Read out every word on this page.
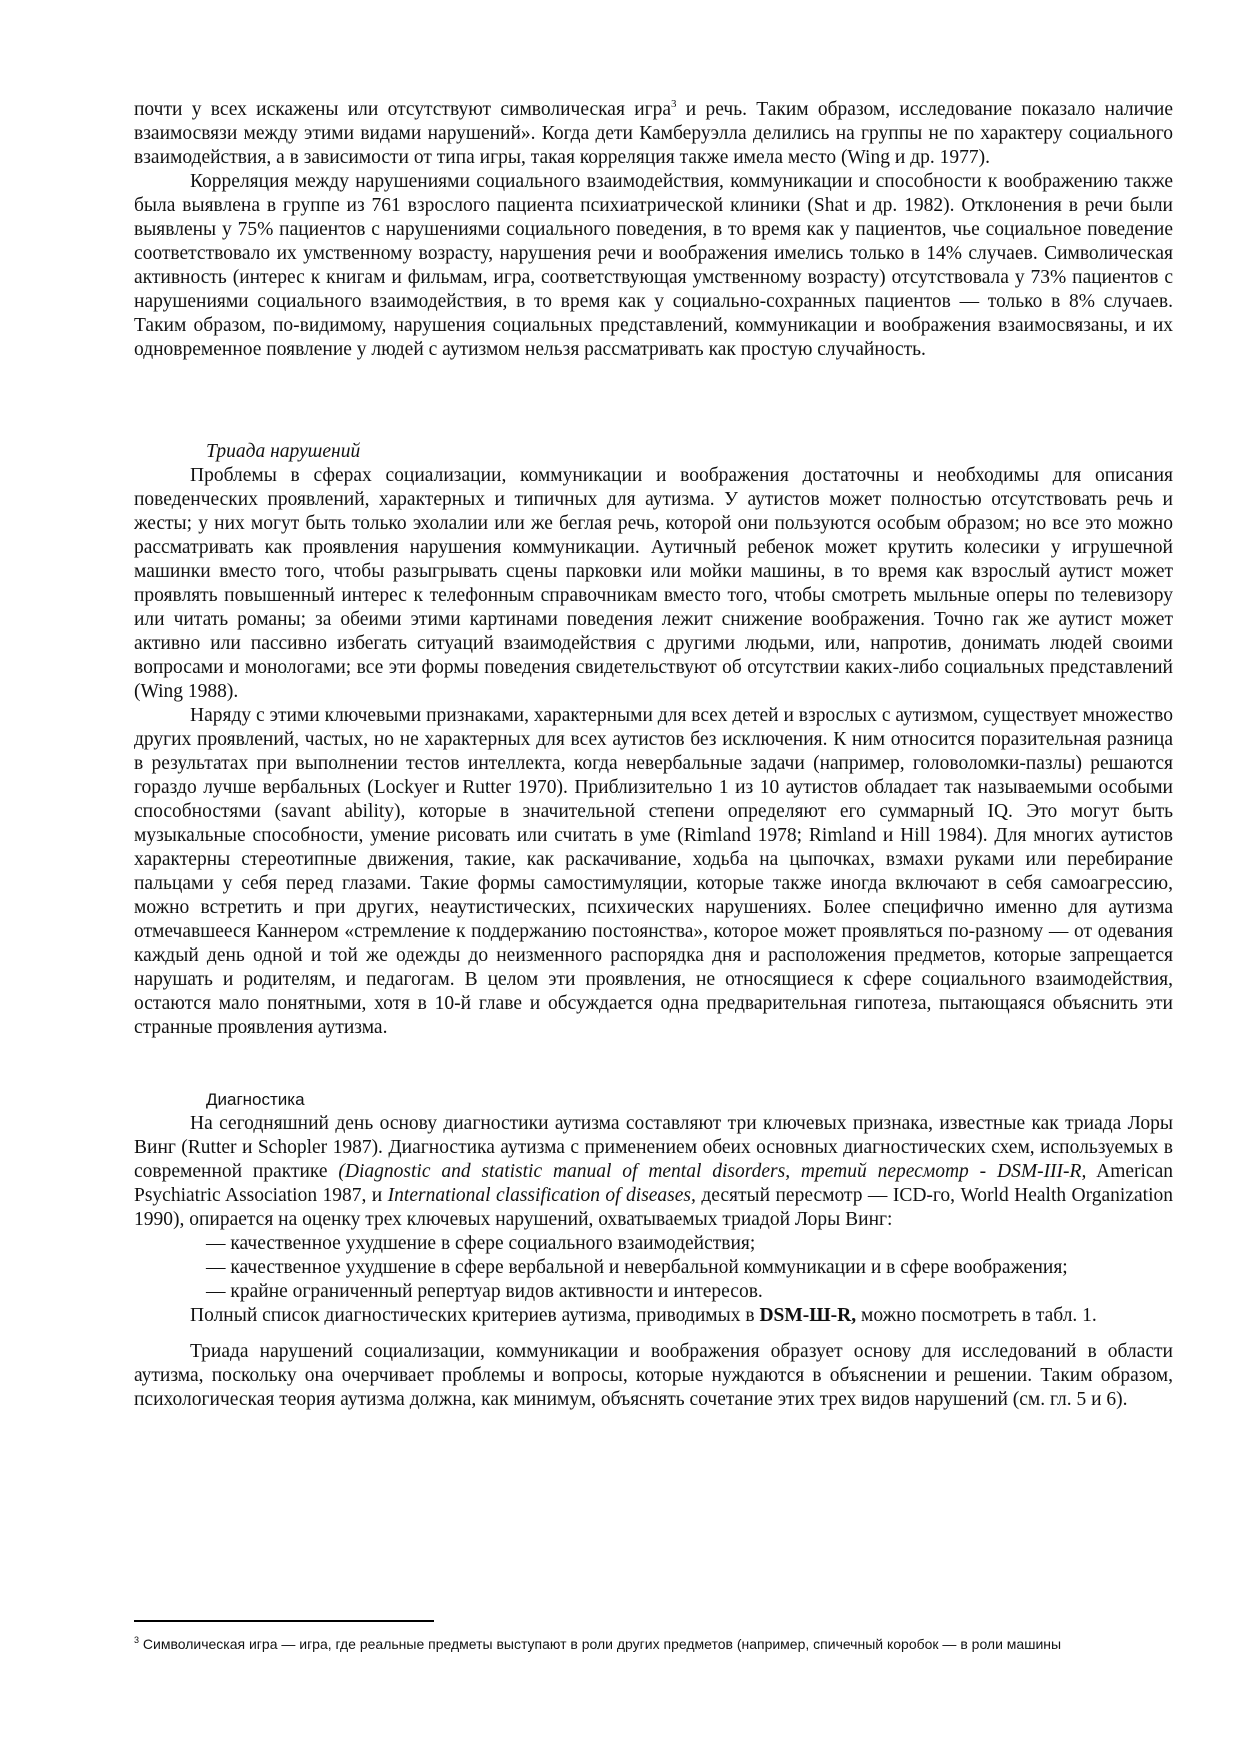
почти у всех искажены или отсутствуют символическая игра$^3$ и речь. Таким образом, исследование показало наличие взаимосвязи между этими видами нарушений». Когда дети Камберуэлла делились на группы не по характеру социального взаимодействия, а в зависимости от типа игры, такая корреляция также имела место (Wing и др. 1977).

Корреляция между нарушениями социального взаимодействия, коммуникации и способности к воображению также была выявлена в группе из 761 взрослого пациента психиатрической клиники (Shat и др. 1982). Отклонения в речи были выявлены у 75% пациентов с нарушениями социального поведения, в то время как у пациентов, чье социальное поведение соответствовало их умственному возрасту, нарушения речи и воображения имелись только в 14% случаев. Символическая активность (интерес к книгам и фильмам, игра, соответствующая умственному возрасту) отсутствовала у 73% пациентов с нарушениями социального взаимодействия, в то время как у социально-сохранных пациентов — только в 8% случаев. Таким образом, по-видимому, нарушения социальных представлений, коммуникации и воображения взаимосвязаны, и их одновременное появление у людей с аутизмом нельзя рассматривать как простую случайность.

Триада нарушений

Проблемы в сферах социализации, коммуникации и воображения достаточны и необходимы для описания поведенческих проявлений, характерных и типичных для аутизма. У аутистов может полностью отсутствовать речь и жесты; у них могут быть только эхолалии или же беглая речь, которой они пользуются особым образом; но все это можно рассматривать как проявления нарушения коммуникации. Аутичный ребенок может крутить колесики у игрушечной машинки вместо того, чтобы разыгрывать сцены парковки или мойки машины, в то время как взрослый аутист может проявлять повышенный интерес к телефонным справочникам вместо того, чтобы смотреть мыльные оперы по телевизору или читать романы; за обеими этими картинами поведения лежит снижение воображения. Точно гак же аутист может активно или пассивно избегать ситуаций взаимодействия с другими людьми, или, напротив, донимать людей своими вопросами и монологами; все эти формы поведения свидетельствуют об отсутствии каких-либо социальных представлений (Wing 1988).

Наряду с этими ключевыми признаками, характерными для всех детей и взрослых с аутизмом, существует множество других проявлений, частых, но не характерных для всех аутистов без исключения. К ним относится поразительная разница в результатах при выполнении тестов интеллекта, когда невербальные задачи (например, головоломки-пазлы) решаются гораздо лучше вербальных (Lockyer и Rutter 1970). Приблизительно 1 из 10 аутистов обладает так называемыми особыми способностями (savant ability), которые в значительной степени определяют его суммарный IQ. Это могут быть музыкальные способности, умение рисовать или считать в уме (Rimland 1978; Rimland и Hill 1984). Для многих аутистов характерны стереотипные движения, такие, как раскачивание, ходьба на цыпочках, взмахи руками или перебирание пальцами у себя перед глазами. Такие формы самостимуляции, которые также иногда включают в себя самоагрессию, можно встретить и при других, неаутистических, психических нарушениях. Более специфично именно для аутизма отмечавшееся Каннером «стремление к поддержанию постоянства», которое может проявляться по-разному — от одевания каждый день одной и той же одежды до неизменного распорядка дня и расположения предметов, которые запрещается нарушать и родителям, и педагогам. В целом эти проявления, не относящиеся к сфере социального взаимодействия, остаются мало понятными, хотя в 10-й главе и обсуждается одна предварительная гипотеза, пытающаяся объяснить эти странные проявления аутизма.

Диагностика

На сегодняшний день основу диагностики аутизма составляют три ключевых признака, известные как триада Лоры Винг (Rutter и Schopler 1987). Диагностика аутизма с применением обеих основных диагностических схем, используемых в современной практике (Diagnostic and statistic manual of mental disorders, третий пересмотр - DSM-III-R, American Psychiatric Association 1987, и International classification of diseases, десятый пересмотр — ICD-го, World Health Organization 1990), опирается на оценку трех ключевых нарушений, охватываемых триадой Лоры Винг:

— качественное ухудшение в сфере социального взаимодействия;

— качественное ухудшение в сфере вербальной и невербальной коммуникации и в сфере воображения;

— крайне ограниченный репертуар видов активности и интересов.

Полный список диагностических критериев аутизма, приводимых в DSM-Ш-R, можно посмотреть в табл. 1.

Триада нарушений социализации, коммуникации и воображения образует основу для исследований в области аутизма, поскольку она очерчивает проблемы и вопросы, которые нуждаются в объяснении и решении. Таким образом, психологическая теория аутизма должна, как минимум, объяснять сочетание этих трех видов нарушений (см. гл. 5 и 6).

$^3$ Символическая игра — игра, где реальные предметы выступают в роли других предметов (например, спичечный коробок — в роли машины
